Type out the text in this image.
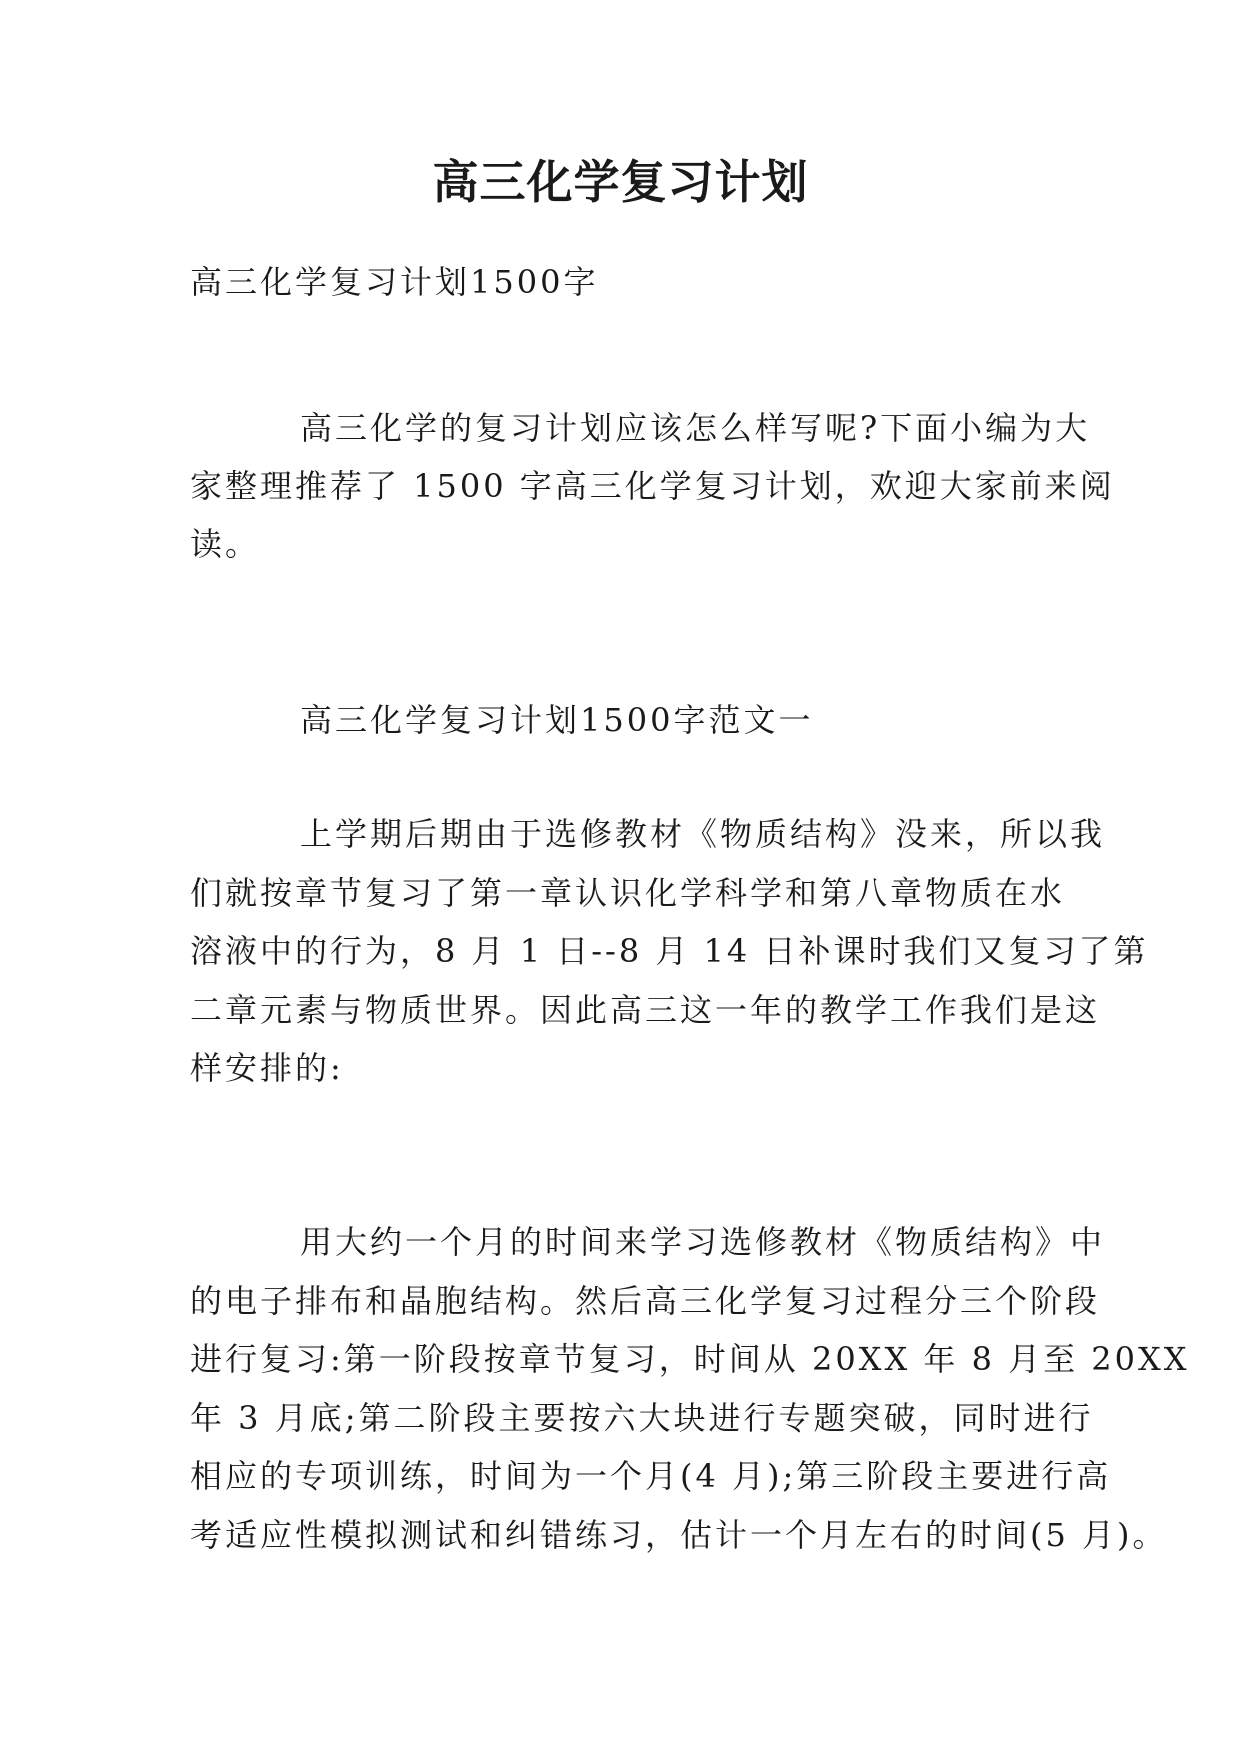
高三化学复习计划

高三化学复习计划1500字

高三化学的复习计划应该怎么样写呢?下面小编为大

家整理推荐了 1500 字高三化学复习计划，欢迎大家前来阅

读。

高三化学复习计划1500字范文一

上学期后期由于选修教材《物质结构》没来，所以我

们就按章节复习了第一章认识化学科学和第八章物质在水

溶液中的行为，8 月 1 日--8 月 14 日补课时我们又复习了第

二章元素与物质世界。因此高三这一年的教学工作我们是这

样安排的:

用大约一个月的时间来学习选修教材《物质结构》中

的电子排布和晶胞结构。然后高三化学复习过程分三个阶段

进行复习:第一阶段按章节复习，时间从 20XX 年 8 月至 20XX

年 3 月底;第二阶段主要按六大块进行专题突破，同时进行

相应的专项训练，时间为一个月(4 月);第三阶段主要进行高

考适应性模拟测试和纠错练习，估计一个月左右的时间(5 月)。
